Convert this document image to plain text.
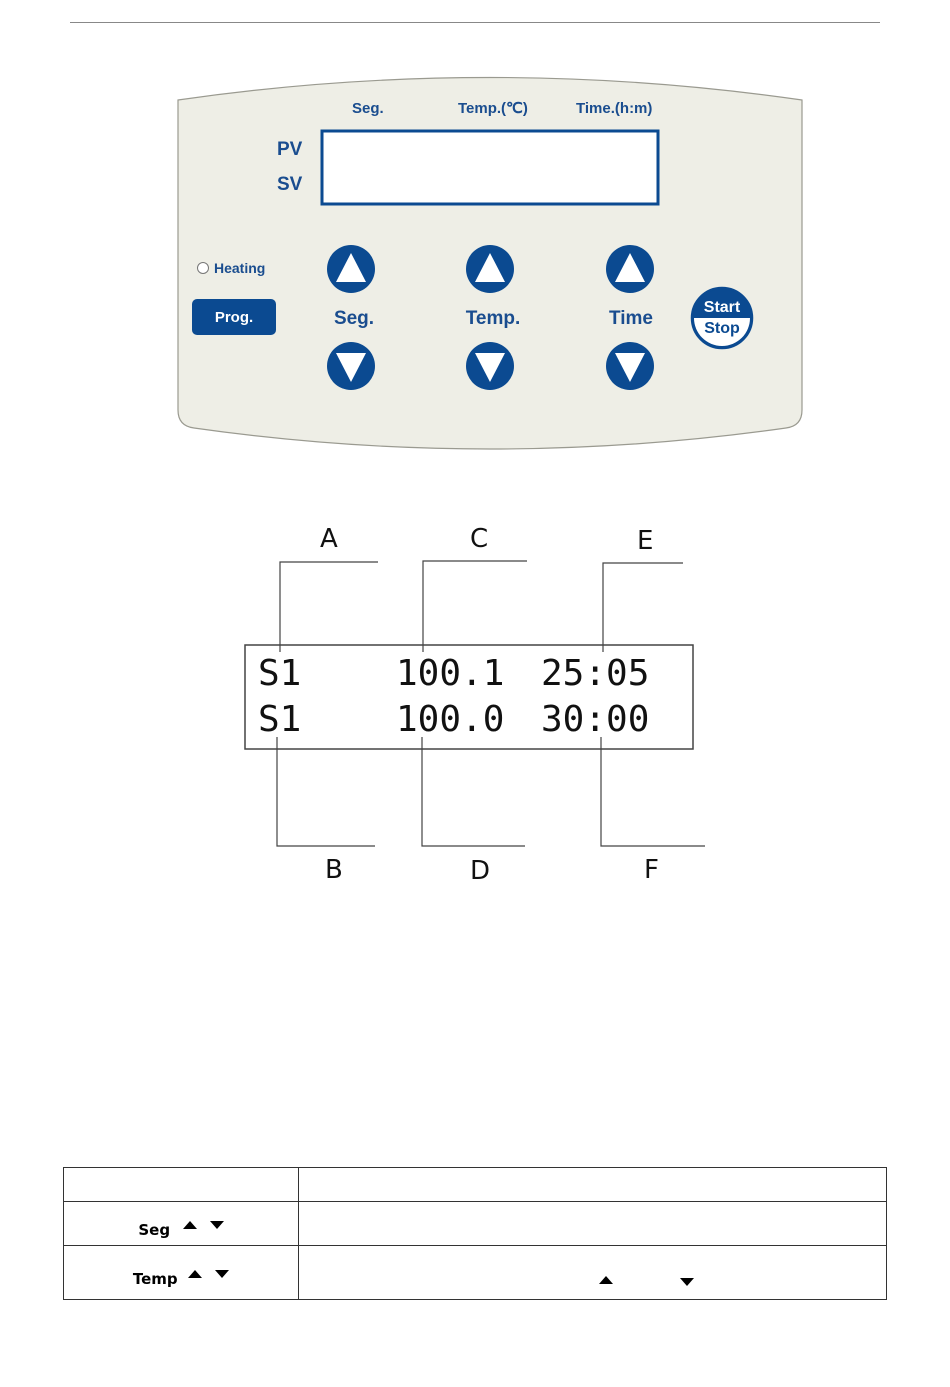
Seg.	Temp.(℃)	Time.(h:m)
PV
SV
Heating
Prog.	Seg.	Temp.	Time
Start
Stop
S1	100.1 25:05
S1	100.0 30:00
A	C	E
B	D	F

Seg	
Temp	
